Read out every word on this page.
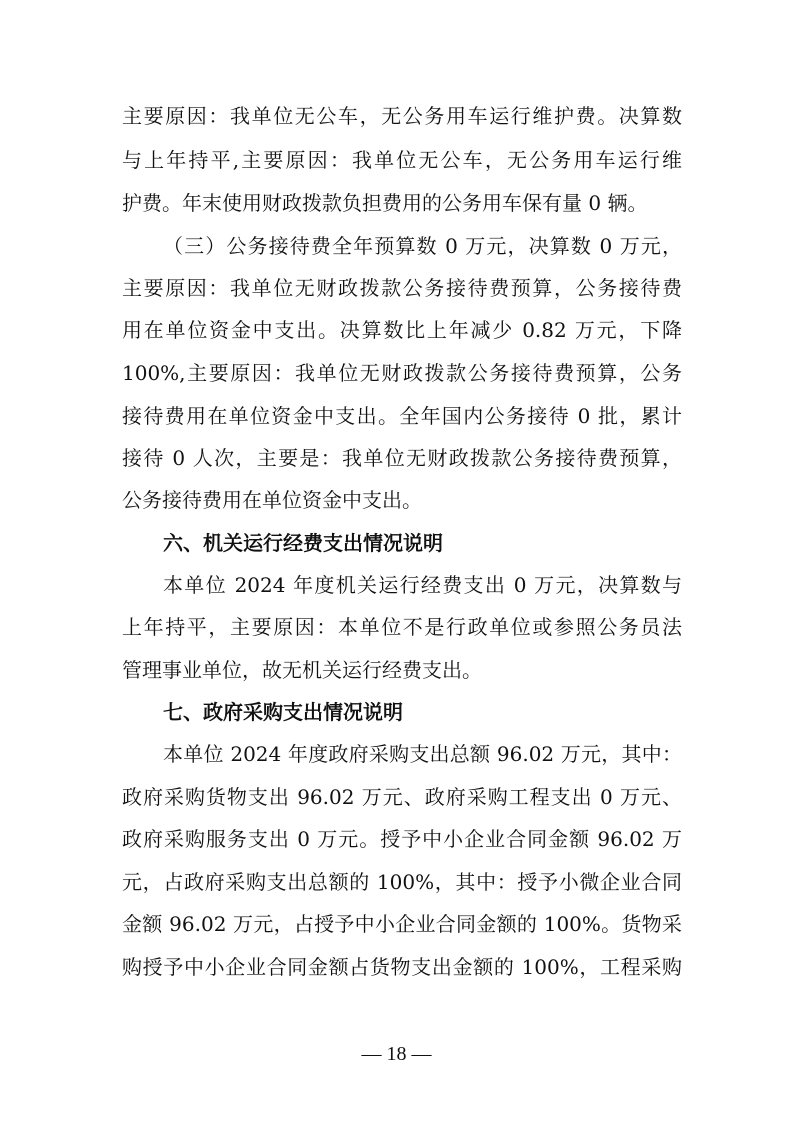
主要原因：我单位无公车，无公务用车运行维护费。决算数
与上年持平,主要原因：我单位无公车，无公务用车运行维
护费。年末使用财政拨款负担费用的公务用车保有量 0 辆。
（三）公务接待费全年预算数 0 万元，决算数 0 万元，
主要原因：我单位无财政拨款公务接待费预算，公务接待费
用在单位资金中支出。决算数比上年减少 0.82 万元，下降
100%,主要原因：我单位无财政拨款公务接待费预算，公务
接待费用在单位资金中支出。全年国内公务接待 0 批，累计
接待 0 人次，主要是：我单位无财政拨款公务接待费预算，
公务接待费用在单位资金中支出。
六、机关运行经费支出情况说明
本单位 2024 年度机关运行经费支出 0 万元，决算数与
上年持平，主要原因：本单位不是行政单位或参照公务员法
管理事业单位，故无机关运行经费支出。
七、政府采购支出情况说明
本单位 2024 年度政府采购支出总额 96.02 万元，其中：
政府采购货物支出 96.02 万元、政府采购工程支出 0 万元、
政府采购服务支出 0 万元。授予中小企业合同金额 96.02 万
元，占政府采购支出总额的 100%，其中：授予小微企业合同
金额 96.02 万元，占授予中小企业合同金额的 100%。货物采
购授予中小企业合同金额占货物支出金额的 100%，工程采购
— 18 —
